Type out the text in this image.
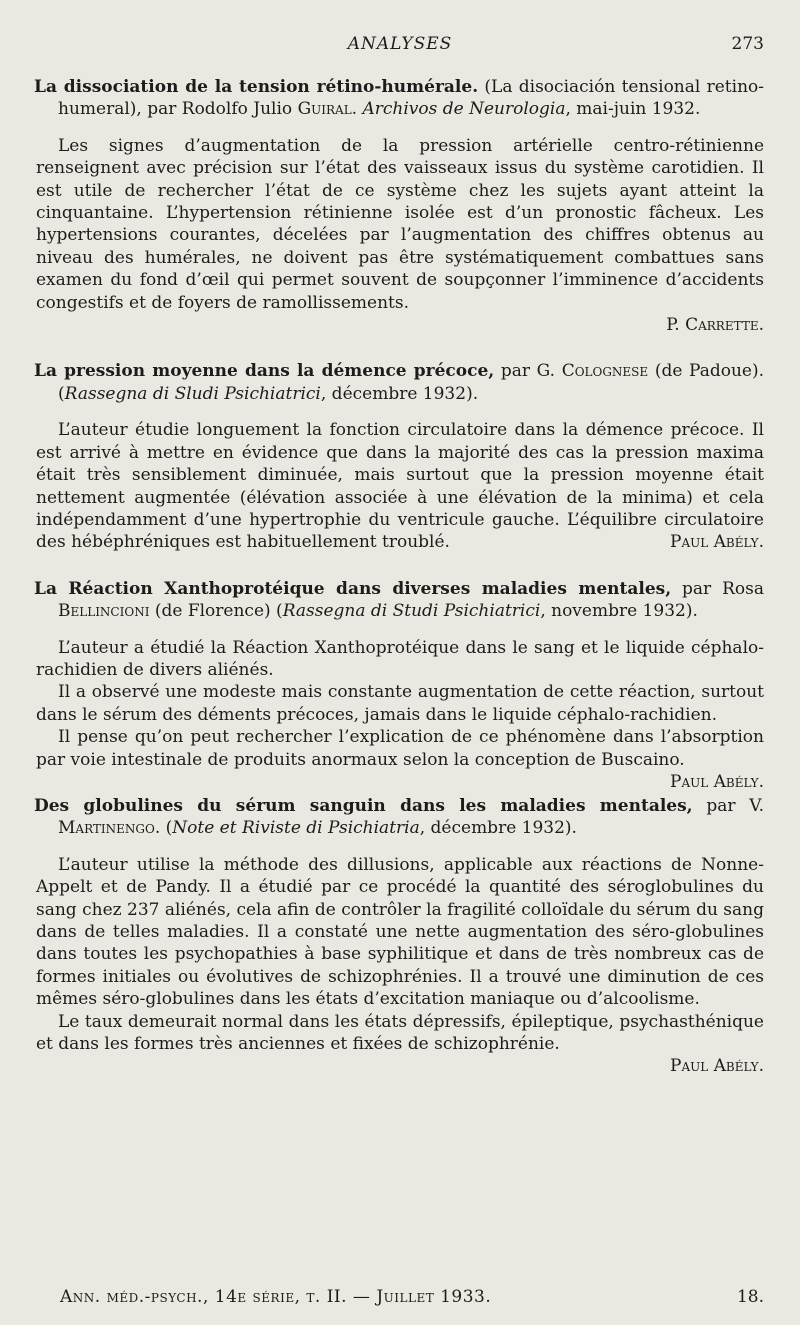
ANALYSES	273
La dissociation de la tension rétino-humérale. (La disociación tensional retino-humeral), par Rodolfo Julio Guiral. Archivos de Neurologia, mai-juin 1932.

Les signes d’augmentation de la pression artérielle centro-rétinienne renseignent avec précision sur l’état des vaisseaux issus du système carotidien. Il est utile de rechercher l’état de ce système chez les sujets ayant atteint la cinquantaine. L’hypertension rétinienne isolée est d’un pronostic fâcheux. Les hypertensions courantes, décelées par l’augmentation des chiffres obtenus au niveau des humérales, ne doivent pas être systématiquement combattues sans examen du fond d’œil qui permet souvent de soupçonner l’imminence d’accidents congestifs et de foyers de ramollissements.

P. Carrette.
La pression moyenne dans la démence précoce, par G. Colognese (de Padoue). (Rassegna di Sludi Psichiatrici, décembre 1932).

L’auteur étudie longuement la fonction circulatoire dans la démence précoce. Il est arrivé à mettre en évidence que dans la majorité des cas la pression maxima était très sensiblement diminuée, mais surtout que la pression moyenne était nettement augmentée (élévation associée à une élévation de la minima) et cela indépendamment d’une hypertrophie du ventricule gauche. L’équilibre circulatoire des hébéphréniques est habituellement troublé.	Paul Abély.

La Réaction Xanthoprotéique dans diverses maladies mentales, par Rosa Bellincioni (de Florence) (Rassegna di Studi Psichiatrici, novembre 1932).

L’auteur a étudié la Réaction Xanthoprotéique dans le sang et le liquide céphalo-rachidien de divers aliénés.

Il a observé une modeste mais constante augmentation de cette réaction, surtout dans le sérum des déments précoces, jamais dans le liquide céphalo-rachidien.

Il pense qu’on peut rechercher l’explication de ce phénomène dans l’absorption par voie intestinale de produits anormaux selon la conception de Buscaino.
Paul Abély.

Des globulines du sérum sanguin dans les maladies mentales, par V. Martinengo. (Note et Riviste di Psichiatria, décembre 1932).

L’auteur utilise la méthode des dillusions, applicable aux réactions de Nonne-Appelt et de Pandy. Il a étudié par ce procédé la quantité des séroglobulines du sang chez 237 aliénés, cela afin de contrôler la fragilité colloïdale du sérum du sang dans de telles maladies. Il a constaté une nette augmentation des séro-globulines dans toutes les psychopathies à base syphilitique et dans de très nombreux cas de formes initiales ou évolutives de schizophrénies. Il a trouvé une diminution de ces mêmes séro-globulines dans les états d’excitation maniaque ou d’alcoolisme.

Le taux demeurait normal dans les états dépressifs, épileptique, psychasthénique et dans les formes très anciennes et fixées de schizophrénie.

Paul Abély.
Ann. méd.-psych., 14e série, t. II. — Juillet 1933.	18.
